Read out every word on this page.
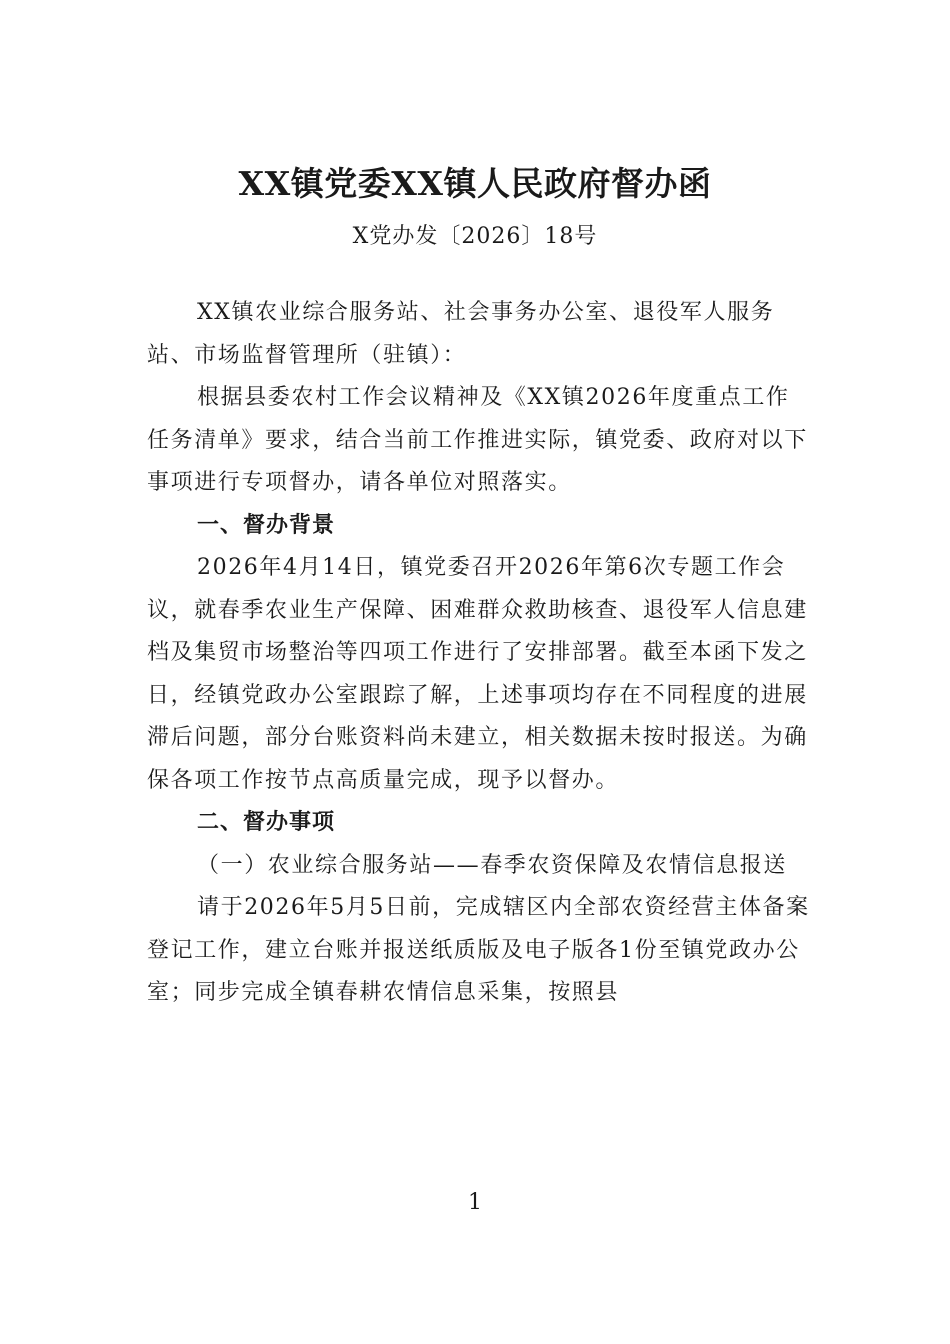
XX镇党委XX镇人民政府督办函
X党办发〔2026〕18号

XX镇农业综合服务站、社会事务办公室、退役军人服务站、市场监督管理所（驻镇）：

根据县委农村工作会议精神及《XX镇2026年度重点工作任务清单》要求，结合当前工作推进实际，镇党委、政府对以下事项进行专项督办，请各单位对照落实。

一、督办背景

2026年4月14日，镇党委召开2026年第6次专题工作会议，就春季农业生产保障、困难群众救助核查、退役军人信息建档及集贸市场整治等四项工作进行了安排部署。截至本函下发之日，经镇党政办公室跟踪了解，上述事项均存在不同程度的进展滞后问题，部分台账资料尚未建立，相关数据未按时报送。为确保各项工作按节点高质量完成，现予以督办。

二、督办事项

（一）农业综合服务站——春季农资保障及农情信息报送

请于2026年5月5日前，完成辖区内全部农资经营主体备案登记工作，建立台账并报送纸质版及电子版各1份至镇党政办公室；同步完成全镇春耕农情信息采集，按照县

1
